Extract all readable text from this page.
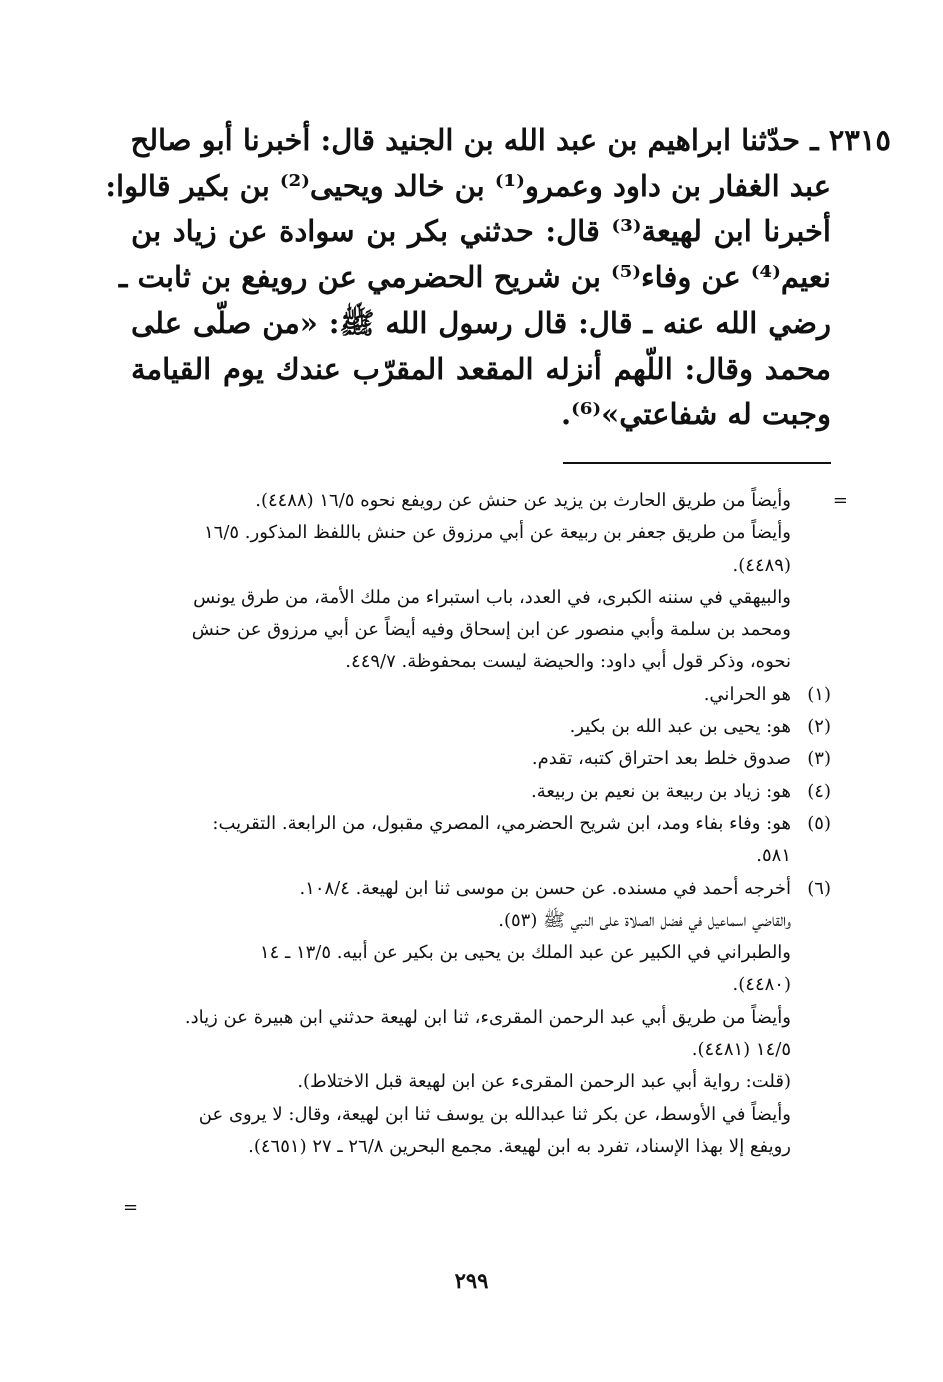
٢٣١٥ ـ حدّثنا ابراهيم بن عبد الله بن الجنيد قال: أخبرنا أبو صالح
عبد الغفار بن داود وعمرو⁽¹⁾ بن خالد ويحيى⁽²⁾ بن بكير قالوا:
أخبرنا ابن لهيعة⁽³⁾ قال: حدثني بكر بن سوادة عن زياد بن
نعيم⁽⁴⁾ عن وفاء⁽⁵⁾ بن شريح الحضرمي عن رويفع بن ثابت ـ
رضي الله عنه ـ قال: قال رسول الله ﷺ: «من صلّى على
محمد وقال: اللّهم أنزله المقعد المقرّب عندك يوم القيامة
وجبت له شفاعتي»⁽⁶⁾.
=
وأيضاً من طريق الحارث بن يزيد عن حنش عن رويفع نحوه ١٦/٥ (٤٤٨٨).
وأيضاً من طريق جعفر بن ربيعة عن أبي مرزوق عن حنش باللفظ المذكور. ١٦/٥
(٤٤٨٩).
والبيهقي في سننه الكبرى، في العدد، باب استبراء من ملك الأمة، من طرق يونس
ومحمد بن سلمة وأبي منصور عن ابن إسحاق وفيه أيضاً عن أبي مرزوق عن حنش
نحوه، وذكر قول أبي داود: والحيضة ليست بمحفوظة. ٤٤٩/٧.
(١)هو الحراني.
(٢)هو: يحيى بن عبد الله بن بكير.
(٣)صدوق خلط بعد احتراق كتبه، تقدم.
(٤)هو: زياد بن ربيعة بن نعيم بن ربيعة.
(٥)هو: وفاء بفاء ومد، ابن شريح الحضرمي، المصري مقبول، من الرابعة. التقريب:
٥٨١.
(٦)أخرجه أحمد في مسنده. عن حسن بن موسى ثنا ابن لهيعة. ١٠٨/٤.
والقاضي اسماعيل في فضل الصلاة على النبي ﷺ (٥٣).
والطبراني في الكبير عن عبد الملك بن يحيى بن بكير عن أبيه. ١٣/٥ ـ ١٤
(٤٤٨٠).
وأيضاً من طريق أبي عبد الرحمن المقرىء، ثنا ابن لهيعة حدثني ابن هبيرة عن زياد.
١٤/٥ (٤٤٨١).
(قلت: رواية أبي عبد الرحمن المقرىء عن ابن لهيعة قبل الاختلاط).
وأيضاً في الأوسط، عن بكر ثنا عبدالله بن يوسف ثنا ابن لهيعة، وقال: لا يروى عن
رويفع إلا بهذا الإسناد، تفرد به ابن لهيعة. مجمع البحرين ٢٦/٨ ـ ٢٧ (٤٦٥١).
=
٢٩٩
